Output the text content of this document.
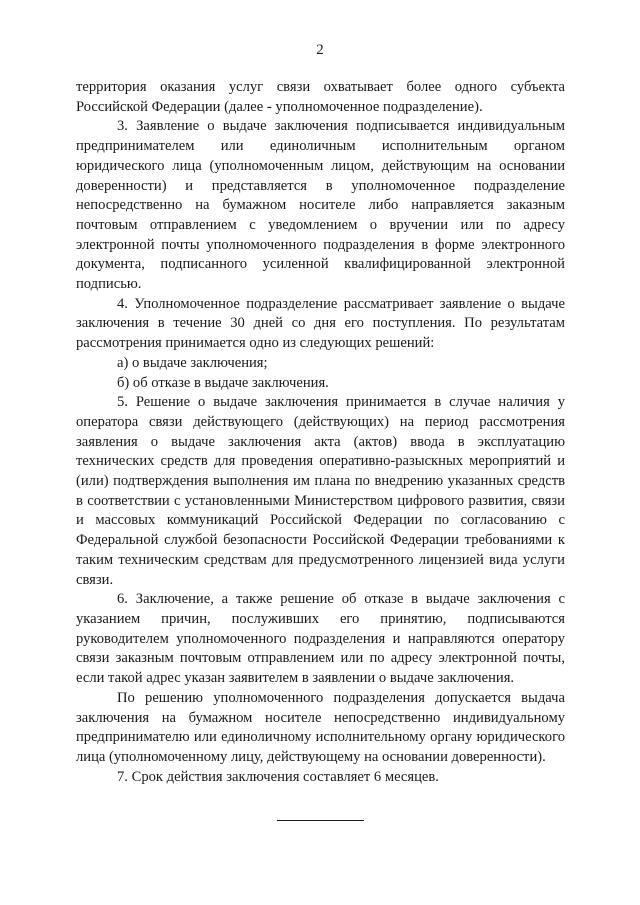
2

территория оказания услуг связи охватывает более одного субъекта Российской Федерации (далее - уполномоченное подразделение).

3. Заявление о выдаче заключения подписывается индивидуальным предпринимателем или единоличным исполнительным органом юридического лица (уполномоченным лицом, действующим на основании доверенности) и представляется в уполномоченное подразделение непосредственно на бумажном носителе либо направляется заказным почтовым отправлением с уведомлением о вручении или по адресу электронной почты уполномоченного подразделения в форме электронного документа, подписанного усиленной квалифицированной электронной подписью.

4. Уполномоченное подразделение рассматривает заявление о выдаче заключения в течение 30 дней со дня его поступления. По результатам рассмотрения принимается одно из следующих решений:

а) о выдаче заключения;

б) об отказе в выдаче заключения.

5. Решение о выдаче заключения принимается в случае наличия у оператора связи действующего (действующих) на период рассмотрения заявления о выдаче заключения акта (актов) ввода в эксплуатацию технических средств для проведения оперативно-разыскных мероприятий и (или) подтверждения выполнения им плана по внедрению указанных средств в соответствии с установленными Министерством цифрового развития, связи и массовых коммуникаций Российской Федерации по согласованию с Федеральной службой безопасности Российской Федерации требованиями к таким техническим средствам для предусмотренного лицензией вида услуги связи.

6. Заключение, а также решение об отказе в выдаче заключения с указанием причин, послуживших его принятию, подписываются руководителем уполномоченного подразделения и направляются оператору связи заказным почтовым отправлением или по адресу электронной почты, если такой адрес указан заявителем в заявлении о выдаче заключения.

По решению уполномоченного подразделения допускается выдача заключения на бумажном носителе непосредственно индивидуальному предпринимателю или единоличному исполнительному органу юридического лица (уполномоченному лицу, действующему на основании доверенности).

7. Срок действия заключения составляет 6 месяцев.
